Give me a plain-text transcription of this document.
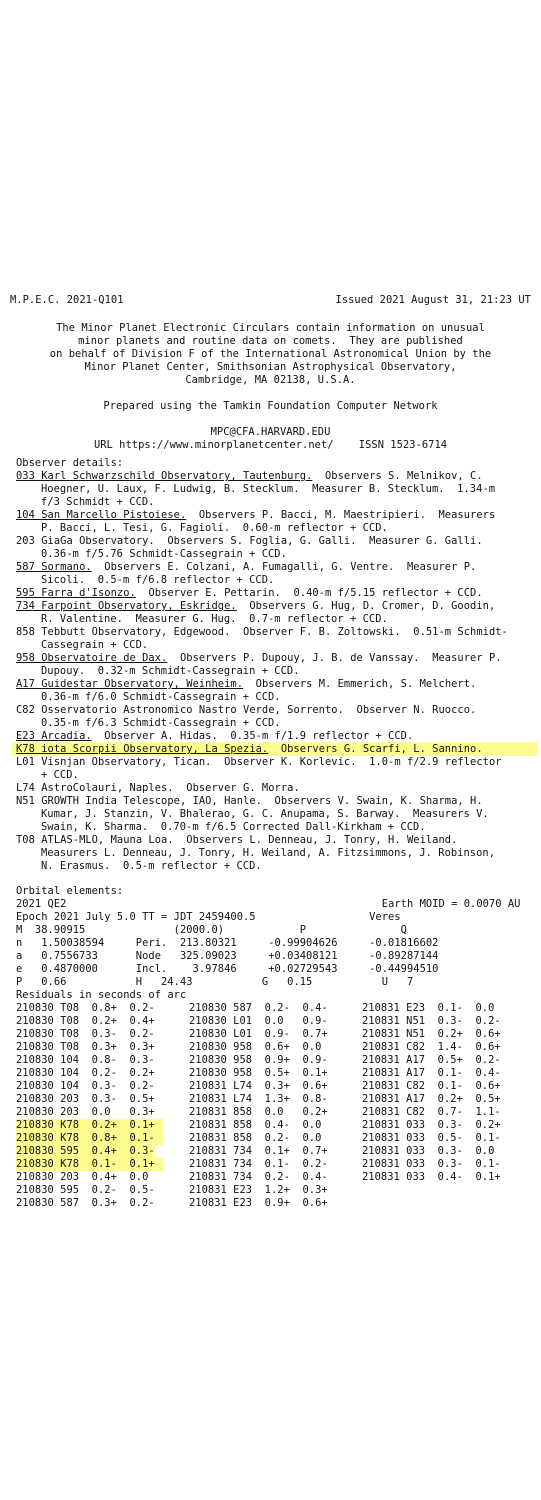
M.P.E.C. 2021-Q101	Issued 2021 August 31, 21:23 UT
The Minor Planet Electronic Circulars contain information on unusual
minor planets and routine data on comets.  They are published
on behalf of Division F of the International Astronomical Union by the
Minor Planet Center, Smithsonian Astrophysical Observatory,
Cambridge, MA 02138, U.S.A.
Prepared using the Tamkin Foundation Computer Network
MPC@CFA.HARVARD.EDU
URL https://www.minorplanetcenter.net/    ISSN 1523-6714
Observer details:
033 Karl Schwarzschild Observatory, Tautenburg.  Observers S. Melnikov, C.
Hoegner, U. Laux, F. Ludwig, B. Stecklum.  Measurer B. Stecklum.  1.34-m
f/3 Schmidt + CCD.
104 San Marcello Pistoiese.  Observers P. Bacci, M. Maestripieri.  Measurers
P. Bacci, L. Tesi, G. Fagioli.  0.60-m reflector + CCD.
203 GiaGa Observatory.  Observers S. Foglia, G. Galli.  Measurer G. Galli.
0.36-m f/5.76 Schmidt-Cassegrain + CCD.
587 Sormano.  Observers E. Colzani, A. Fumagalli, G. Ventre.  Measurer P.
Sicoli.  0.5-m f/6.8 reflector + CCD.
595 Farra d'Isonzo.  Observer E. Pettarin.  0.40-m f/5.15 reflector + CCD.
734 Farpoint Observatory, Eskridge.  Observers G. Hug, D. Cromer, D. Goodin,
R. Valentine.  Measurer G. Hug.  0.7-m reflector + CCD.
858 Tebbutt Observatory, Edgewood.  Observer F. B. Zoltowski.  0.51-m Schmidt-
Cassegrain + CCD.
958 Observatoire de Dax.  Observers P. Dupouy, J. B. de Vanssay.  Measurer P.
Dupouy.  0.32-m Schmidt-Cassegrain + CCD.
A17 Guidestar Observatory, Weinheim.  Observers M. Emmerich, S. Melchert.
0.36-m f/6.0 Schmidt-Cassegrain + CCD.
C82 Osservatorio Astronomico Nastro Verde, Sorrento.  Observer N. Ruocco.
0.35-m f/6.3 Schmidt-Cassegrain + CCD.
E23 Arcadia.  Observer A. Hidas.  0.35-m f/1.9 reflector + CCD.
K78 iota Scorpii Observatory, La Spezia.  Observers G. Scarfi, L. Sannino.
L01 Visnjan Observatory, Tican.  Observer K. Korlevic.  1.0-m f/2.9 reflector
+ CCD.
L74 AstroColauri, Naples.  Observer G. Morra.
N51 GROWTH India Telescope, IAO, Hanle.  Observers V. Swain, K. Sharma, H.
Kumar, J. Stanzin, V. Bhalerao, G. C. Anupama, S. Barway.  Measurers V.
Swain, K. Sharma.  0.70-m f/6.5 Corrected Dall-Kirkham + CCD.
T08 ATLAS-MLO, Mauna Loa.  Observers L. Denneau, J. Tonry, H. Weiland.
Measurers L. Denneau, J. Tonry, H. Weiland, A. Fitzsimmons, J. Robinson,
N. Erasmus.  0.5-m reflector + CCD.
Orbital elements:
2021 QE2                                                  Earth MOID = 0.0070 AU
Epoch 2021 July 5.0 TT = JDT 2459400.5                  Veres
M  38.90915              (2000.0)            P               Q
n   1.50038594     Peri.  213.80321     -0.99904626     -0.01816602
a   0.7556733      Node   325.09023     +0.03408121     -0.89287144
e   0.4870000      Incl.    3.97846     +0.02729543     -0.44994510
P   0.66           H   24.43           G   0.15           U   7
Residuals in seconds of arc
210830 T08  0.8+  0.2-	210830 587  0.2-  0.4-	210831 E23  0.1-  0.0
210830 T08  0.2+  0.4+	210830 L01  0.0   0.9-	210831 N51  0.3-  0.2-
210830 T08  0.3-  0.2-	210830 L01  0.9-  0.7+	210831 N51  0.2+  0.6+
210830 T08  0.3+  0.3+	210830 958  0.6+  0.0	210831 C82  1.4-  0.6+
210830 104  0.8-  0.3-	210830 958  0.9+  0.9-	210831 A17  0.5+  0.2-
210830 104  0.2-  0.2+	210830 958  0.5+  0.1+	210831 A17  0.1-  0.4-
210830 104  0.3-  0.2-	210831 L74  0.3+  0.6+	210831 C82  0.1-  0.6+
210830 203  0.3-  0.5+	210831 L74  1.3+  0.8-	210831 A17  0.2+  0.5+
210830 203  0.0   0.3+	210831 858  0.0   0.2+	210831 C82  0.7-  1.1-
210830 K78  0.2+  0.1+	210831 858  0.4-  0.0	210831 033  0.3-  0.2+
210830 K78  0.8+  0.1-	210831 858  0.2-  0.0	210831 033  0.5-  0.1-
210830 595  0.4+  0.3-	210831 734  0.1+  0.7+	210831 033  0.3-  0.0
210830 K78  0.1-  0.1+	210831 734  0.1-  0.2-	210831 033  0.3-  0.1-
210830 203  0.4+  0.0	210831 734  0.2-  0.4-	210831 033  0.4-  0.1+
210830 595  0.2-  0.5-	210831 E23  1.2+  0.3+
210830 587  0.3+  0.2-	210831 E23  0.9+  0.6+
